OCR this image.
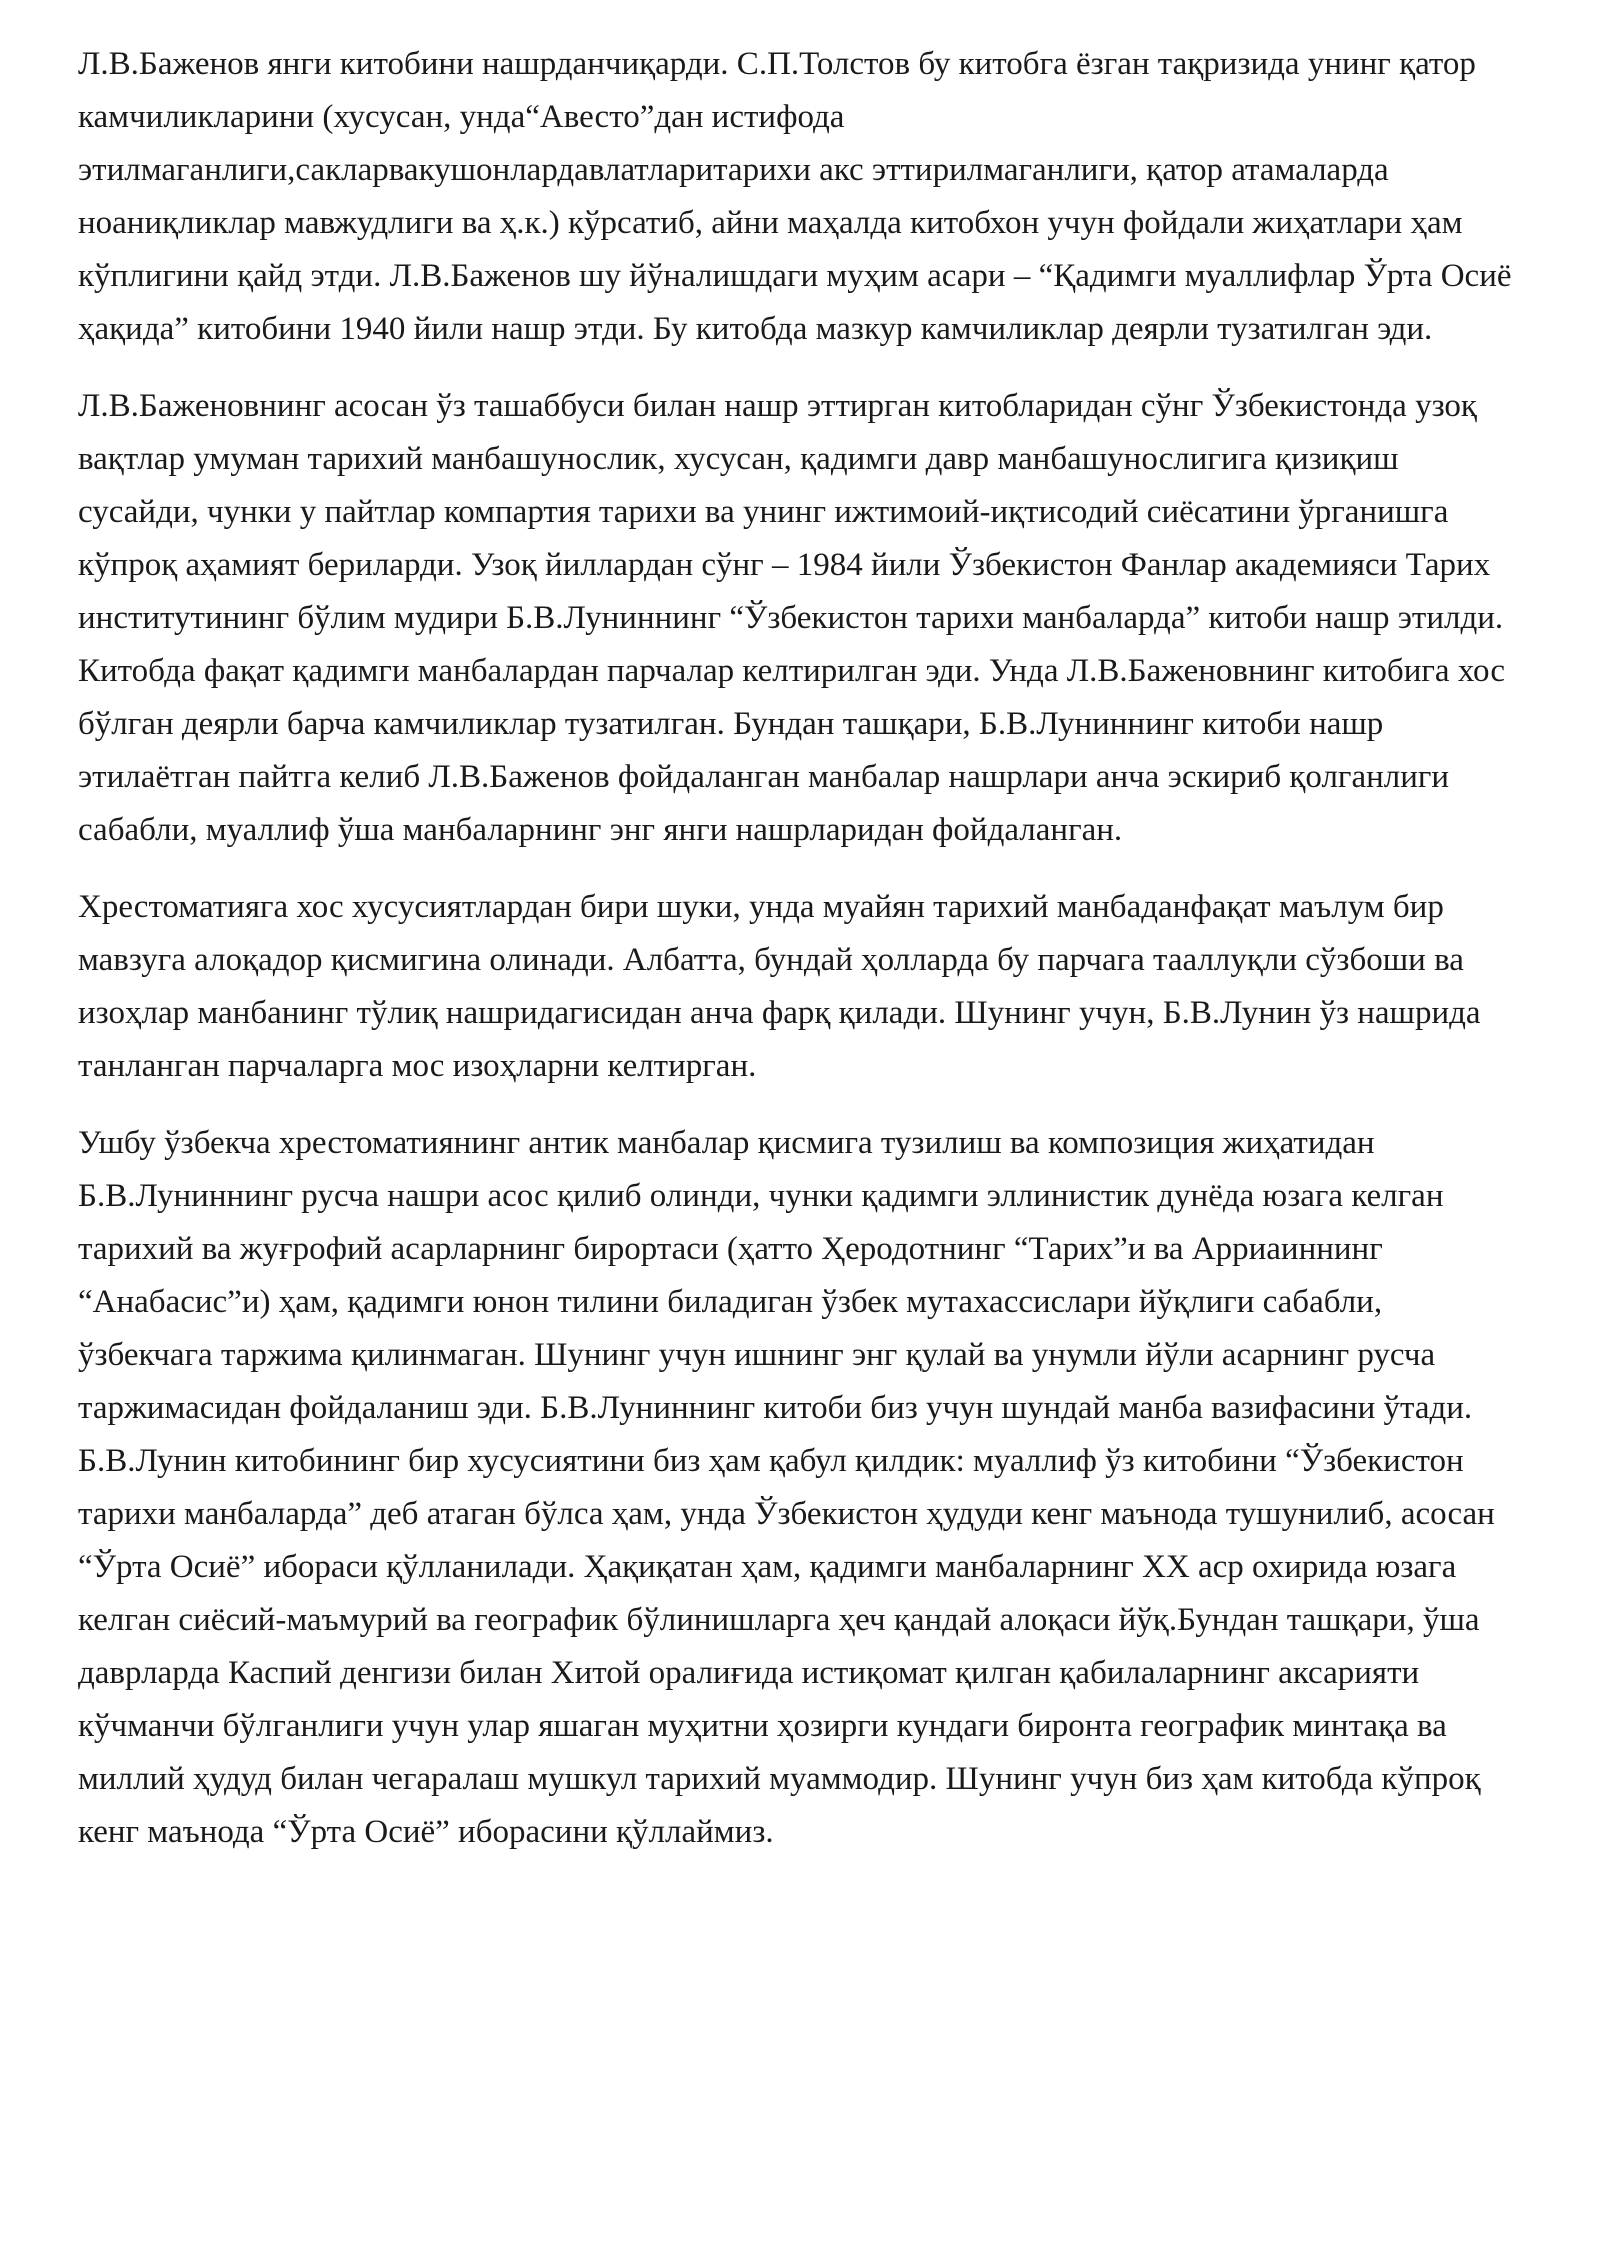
Л.В.Баженов янги китобини нашрданчиқарди. С.П.Толстов бу китобга ёзган тақризида унинг қатор камчиликларини (хусусан, унда“Авесто”дан истифода этилмаганлиги,сакларвакушонлардавлатларитарихи акс эттирилмаганлиги, қатор атамаларда ноаниқликлар мавжудлиги ва ҳ.к.) кўрсатиб, айни маҳалда китобхон учун фойдали жиҳатлари ҳам кўплигини қайд этди. Л.В.Баженов шу йўналишдаги муҳим асари – “Қадимги муаллифлар Ўрта Осиё ҳақида” китобини 1940 йили нашр этди. Бу китобда мазкур камчиликлар деярли тузатилган эди.

Л.В.Баженовнинг асосан ўз ташаббуси билан нашр эттирган китобларидан сўнг Ўзбекистонда узоқ вақтлар умуман тарихий манбашунослик, хусусан, қадимги давр манбашунослигига қизиқиш сусайди, чунки у пайтлар компартия тарихи ва унинг ижтимоий-иқтисодий сиёсатини ўрганишга кўпроқ аҳамият бериларди. Узоқ йиллардан сўнг – 1984 йили Ўзбекистон Фанлар академияси Тарих институтининг бўлим мудири Б.В.Луниннинг “Ўзбекистон тарихи манбаларда” китоби нашр этилди. Китобда фақат қадимги манбалардан парчалар келтирилган эди. Унда Л.В.Баженовнинг китобига хос бўлган деярли барча камчиликлар тузатилган. Бундан ташқари, Б.В.Луниннинг китоби нашр этилаётган пайтга келиб Л.В.Баженов фойдаланган манбалар нашрлари анча эскириб қолганлиги сабабли, муаллиф ўша манбаларнинг энг янги нашрларидан фойдаланган.

Хрестоматияга хос хусусиятлардан бири шуки, унда муайян тарихий манбаданфақат маълум бир мавзуга алоқадор қисмигина олинади. Албатта, бундай ҳолларда бу парчага тааллуқли сўзбоши ва изоҳлар манбанинг тўлиқ нашридагисидан анча фарқ қилади. Шунинг учун, Б.В.Лунин ўз нашрида танланган парчаларга мос изоҳларни келтирган.

Ушбу ўзбекча хрестоматиянинг антик манбалар қисмига тузилиш ва композиция жиҳатидан Б.В.Луниннинг русча нашри асос қилиб олинди, чунки қадимги эллинистик дунёда юзага келган тарихий ва жуғрофий асарларнинг бирортаси (ҳатто Ҳеродотнинг “Тарих”и ва Арриаиннинг “Анабасис”и) ҳам, қадимги юнон тилини биладиган ўзбек мутахассислари йўқлиги сабабли, ўзбекчага таржима қилинмаган. Шунинг учун ишнинг энг қулай ва унумли йўли асарнинг русча таржимасидан фойдаланиш эди. Б.В.Луниннинг китоби биз учун шундай манба вазифасини ўтади. Б.В.Лунин китобининг бир хусусиятини биз ҳам қабул қилдик: муаллиф ўз китобини “Ўзбекистон тарихи манбаларда” деб атаган бўлса ҳам, унда Ўзбекистон ҳудуди кенг маънода тушунилиб, асосан “Ўрта Осиё” ибораси қўлланилади. Ҳақиқатан ҳам, қадимги манбаларнинг ХХ аср охирида юзага келган сиёсий-маъмурий ва географик бўлинишларга ҳеч қандай алоқаси йўқ.Бундан ташқари, ўша даврларда Каспий денгизи билан Хитой оралиғида истиқомат қилган қабилаларнинг аксарияти кўчманчи бўлганлиги учун улар яшаган муҳитни ҳозирги кундаги биронта географик минтақа ва миллий ҳудуд билан чегаралаш мушкул тарихий муаммодир. Шунинг учун биз ҳам китобда кўпроқ кенг маънода “Ўрта Осиё” иборасини қўллаймиз.
